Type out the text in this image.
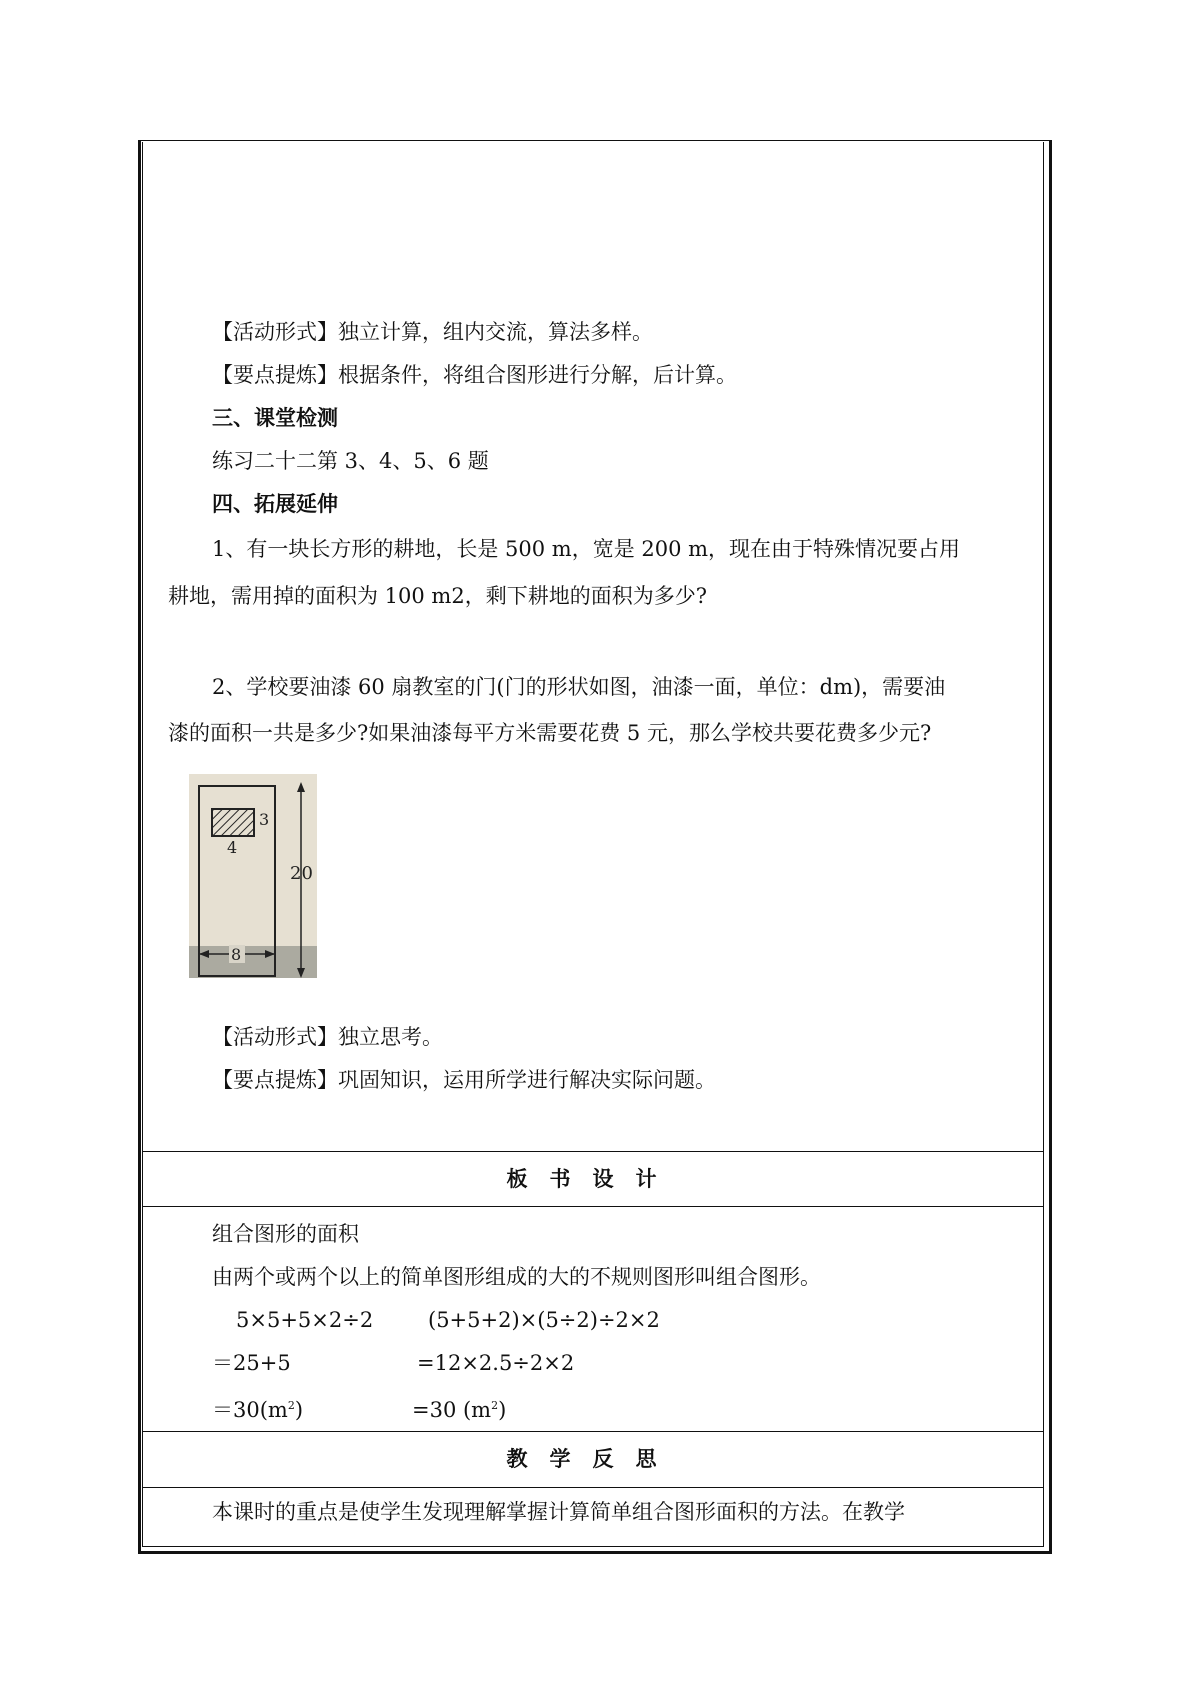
【活动形式】独立计算，组内交流，算法多样。
【要点提炼】根据条件，将组合图形进行分解，后计算。
三、课堂检测
练习二十二第 3、4、5、6 题
四、拓展延伸
1、有一块长方形的耕地，长是 500 m，宽是 200 m，现在由于特殊情况要占用
耕地，需用掉的面积为 100 m2，剩下耕地的面积为多少?
2、学校要油漆 60 扇教室的门(门的形状如图，油漆一面，单位：dm)，需要油
漆的面积一共是多少?如果油漆每平方米需要花费 5 元，那么学校共要花费多少元?
3
4
20
8
【活动形式】独立思考。
【要点提炼】巩固知识，运用所学进行解决实际问题。
板书设计
组合图形的面积
由两个或两个以上的简单图形组成的大的不规则图形叫组合图形。
5×5+5×2÷2	(5+5+2)×(5÷2)÷2×2
＝25+5	=12×2.5÷2×2
$=30(m^2)$	=30 $(m^2)$
教学反思
本课时的重点是使学生发现理解掌握计算简单组合图形面积的方法。在教学
